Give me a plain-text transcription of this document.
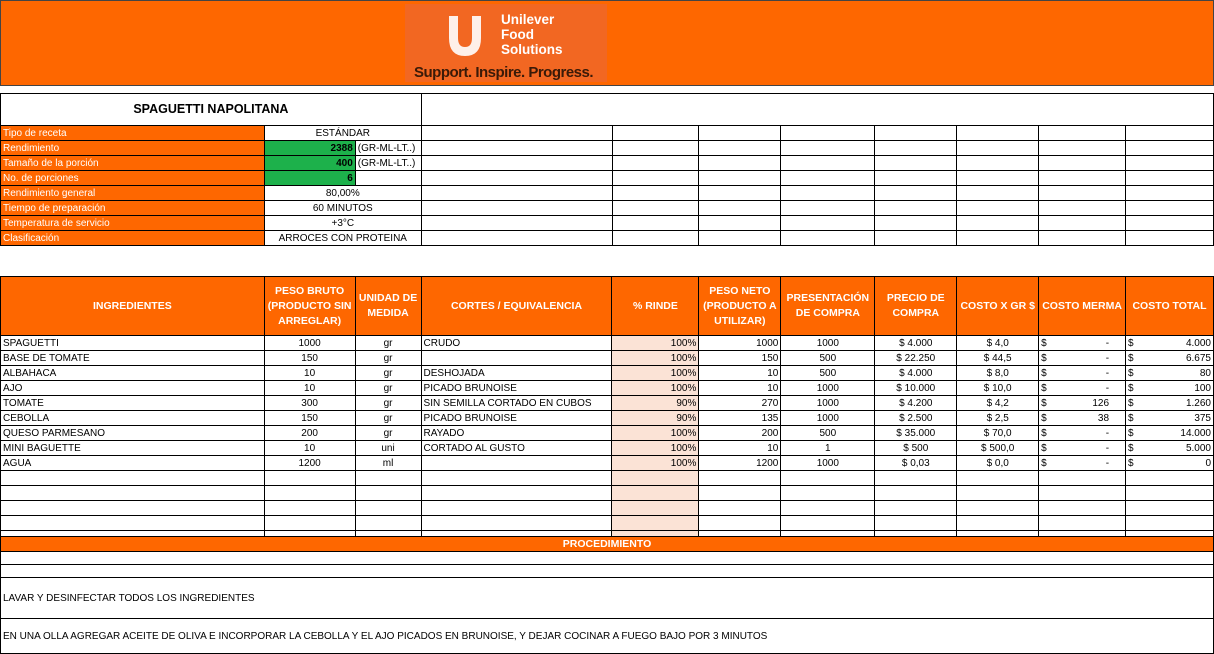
Unilever
Food
Solutions
Support. Inspire. Progress.
SPAGUETTI NAPOLITANA										
Tipo de receta	ESTÁNDAR									
Rendimiento	2388	(GR-ML-LT..)								
Tamaño de la porción	400	(GR-ML-LT..)								
No. de porciones	6									
Rendimiento general	80,00%									
Tiempo de preparación	60 MINUTOS									
Temperatura de servicio	+3°C									
Clasificación	ARROCES CON PROTEINA									
INGREDIENTES	PESO BRUTO (PRODUCTO SIN ARREGLAR)	UNIDAD DE MEDIDA	CORTES / EQUIVALENCIA	% RINDE	PESO NETO (PRODUCTO A UTILIZAR)	PRESENTACIÓN DE COMPRA	PRECIO DE COMPRA	COSTO X GR $	COSTO MERMA	COSTO TOTAL
SPAGUETTI	1000	gr	CRUDO	100%	1000	1000	$ 4.000	$ 4,0	$ -	$ 4.000

BASE DE TOMATE	150	gr		100%	150	500	$ 22.250	$ 44,5	$ -	$ 6.675

ALBAHACA	10	gr	DESHOJADA	100%	10	500	$ 4.000	$ 8,0	$ -	$ 80

AJO	10	gr	PICADO BRUNOISE	100%	10	1000	$ 10.000	$ 10,0	$ -	$ 100

TOMATE	300	gr	SIN SEMILLA CORTADO EN CUBOS	90%	270	1000	$ 4.200	$ 4,2	$ 126	$ 1.260

CEBOLLA	150	gr	PICADO BRUNOISE	90%	135	1000	$ 2.500	$ 2,5	$ 38	$ 375

QUESO PARMESANO	200	gr	RAYADO	100%	200	500	$ 35.000	$ 70,0	$ -	$ 14.000

MINI BAGUETTE	10	uni	CORTADO AL GUSTO	100%	10	1	$ 500	$ 500,0	$ -	$ 5.000

AGUA	1200	ml		100%	1200	1000	$ 0,03	$ 0,0	$ -	$ 0

PROCEDIMIENTO

LAVAR Y DESINFECTAR TODOS LOS INGREDIENTES
EN UNA OLLA AGREGAR ACEITE DE OLIVA E INCORPORAR LA CEBOLLA Y EL AJO PICADOS EN BRUNOISE, Y DEJAR COCINAR A FUEGO BAJO POR 3 MINUTOS
